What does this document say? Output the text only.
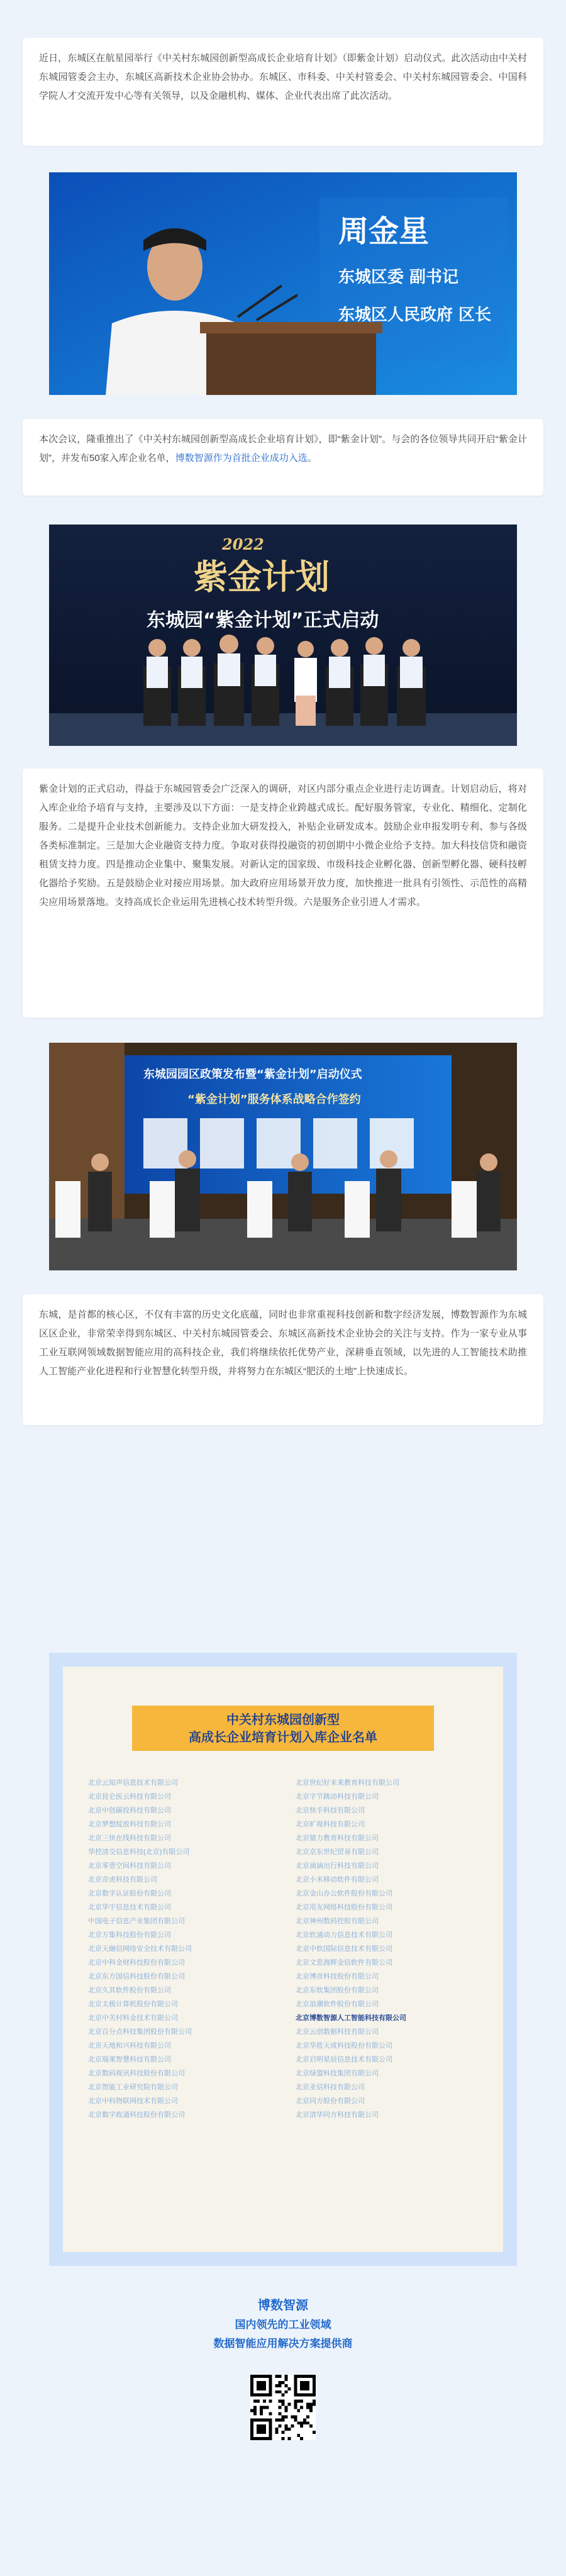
近日，东城区在航星园举行《中关村东城园创新型高成长企业培育计划》（即紫金计划）启动仪式。此次活动由中关村东城园管委会主办，东城区高新技术企业协会协办。东城区、市科委、中关村管委会、中关村东城园管委会、中国科学院人才交流开发中心等有关领导，以及金融机构、媒体、企业代表出席了此次活动。
周金星
东城区委 副书记
东城区人民政府 区长
本次会议，隆重推出了《中关村东城园创新型高成长企业培育计划》，即“紫金计划”。与会的各位领导共同开启“紫金计划”，并发布50家入库企业名单，博数智源作为首批企业成功入选。
2022
紫金计划
东城园“紫金计划”正式启动
紫金计划的正式启动，得益于东城园管委会广泛深入的调研，对区内部分重点企业进行走访调查。计划启动后，将对入库企业给予培育与支持，主要涉及以下方面：一是支持企业跨越式成长。配好服务管家，专业化、精细化、定制化服务。二是提升企业技术创新能力。支持企业加大研发投入，补贴企业研发成本。鼓励企业申报发明专利、参与各级各类标准制定。三是加大企业融资支持力度。争取对获得投融资的初创期中小微企业给予支持。加大科技信贷和融资租赁支持力度。四是推动企业集中、聚集发展。对新认定的国家级、市级科技企业孵化器、创新型孵化器、硬科技孵化器给予奖励。五是鼓励企业对接应用场景。加大政府应用场景开放力度，加快推进一批具有引领性、示范性的高精尖应用场景落地。支持高成长企业运用先进核心技术转型升级。六是服务企业引进人才需求。
东城园园区政策发布暨“紫金计划”启动仪式
“紫金计划”服务体系战略合作签约
东城，是首都的核心区，不仅有丰富的历史文化底蕴，同时也非常重视科技创新和数字经济发展，博数智源作为东城区区企业，非常荣幸得到东城区、中关村东城园管委会、东城区高新技术企业协会的关注与支持。作为一家专业从事工业互联网领域数据智能应用的高科技企业，我们将继续依托优势产业，深耕垂直领域，以先进的人工智能技术助推人工智能产业化进程和行业智慧化转型升级，并将努力在东城区“肥沃的土地”上快速成长。
中关村东城园创新型
高成长企业培育计划入库企业名单
北京云知声信息技术有限公司
北京昆仑医云科技有限公司
北京中创碳投科技有限公司
北京梦想绽放科技有限公司
北京三快在线科技有限公司
华控清交信息科技(北京)有限公司
北京零壹空间科技有限公司
北京奇虎科技有限公司
北京数字认证股份有限公司
北京华宇信息技术有限公司
中国电子信息产业集团有限公司
北京万集科技股份有限公司
北京天融信网络安全技术有限公司
北京中科金财科技股份有限公司
北京东方国信科技股份有限公司
北京久其软件股份有限公司
北京太极计算机股份有限公司
北京中关村科金技术有限公司
北京百分点科技集团股份有限公司
北京天地和兴科技有限公司
北京瑞莱智慧科技有限公司
北京数码视讯科技股份有限公司
北京智能工业研究院有限公司
北京中科物联网技术有限公司
北京数字政通科技股份有限公司
北京世纪好未来教育科技有限公司
北京字节跳动科技有限公司
北京快手科技有限公司
北京旷视科技有限公司
北京猿力教育科技有限公司
北京京东世纪贸易有限公司
北京滴滴出行科技有限公司
北京小米移动软件有限公司
北京金山办公软件股份有限公司
北京用友网络科技股份有限公司
北京神州数码控股有限公司
北京软通动力信息技术有限公司
北京中软国际信息技术有限公司
北京文思海辉金信软件有限公司
北京博彦科技股份有限公司
北京东软集团股份有限公司
北京浪潮软件股份有限公司
北京博数智源人工智能科技有限公司
北京云创数据科技有限公司
北京华胜天成科技股份有限公司
北京启明星辰信息技术有限公司
北京绿盟科技集团有限公司
北京亚信科技有限公司
北京同方股份有限公司
北京清华同方科技有限公司
博数智源
国内领先的工业领域
数据智能应用解决方案提供商
